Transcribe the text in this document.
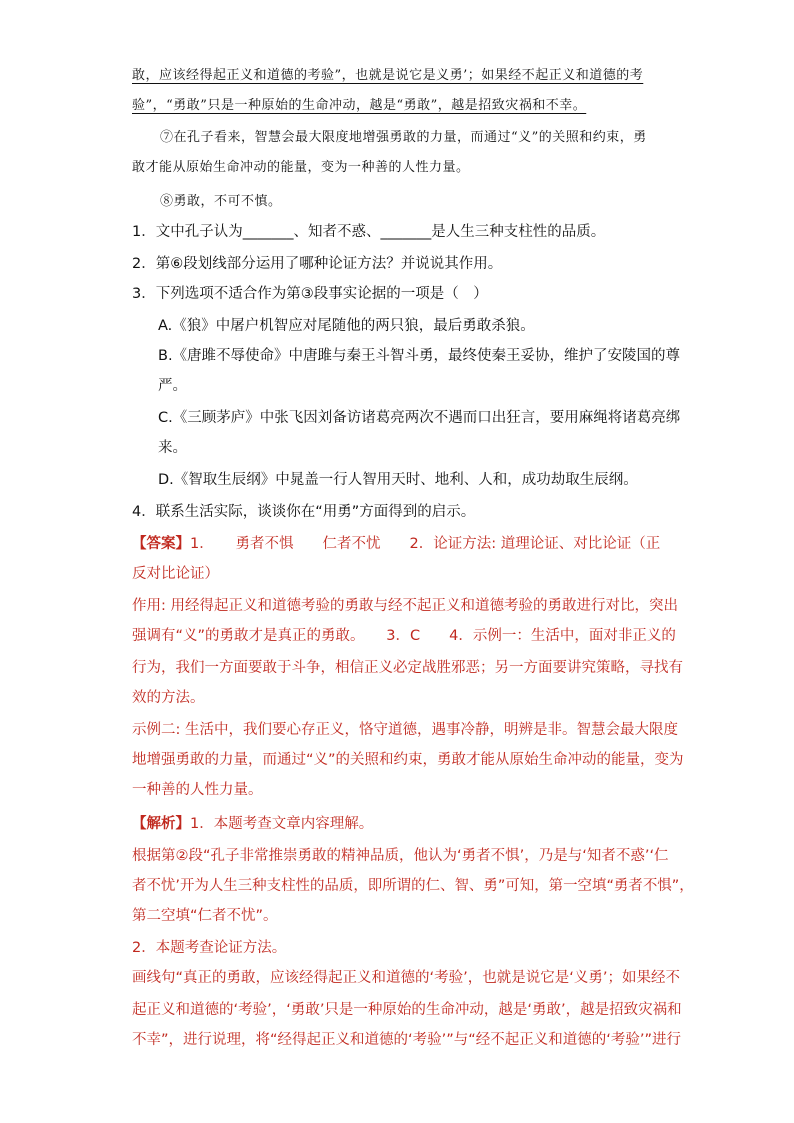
敢，应该经得起正义和道德的考验”，也就是说它是义勇’；如果经不起正义和道德的考
验”，“勇敢”只是一种原始的生命冲动，越是“勇敢”，越是招致灾祸和不幸。
⑦在孔子看来，智慧会最大限度地增强勇敢的力量，而通过“义”的关照和约束，勇
敢才能从原始生命冲动的能量，变为一种善的人性力量。
⑧勇敢，不可不慎。
1．文中孔子认为_______、知者不惑、_______是人生三种支柱性的品质。
2．第⑥段划线部分运用了哪种论证方法？并说说其作用。
3．下列选项不适合作为第③段事实论据的一项是（　）
A.《狼》中屠户机智应对尾随他的两只狼，最后勇敢杀狼。
B.《唐雎不辱使命》中唐雎与秦王斗智斗勇，最终使秦王妥协，维护了安陵国的尊
严。
C.《三顾茅庐》中张飞因刘备访诸葛亮两次不遇而口出狂言，要用麻绳将诸葛亮绑
来。
D.《智取生辰纲》中晁盖一行人智用天时、地利、人和，成功劫取生辰纲。
4．联系生活实际，谈谈你在“用勇”方面得到的启示。
【答案】1．　　勇者不惧　　仁者不忧　　2．论证方法: 道理论证、对比论证（正
反对比论证）
作用: 用经得起正义和道德考验的勇敢与经不起正义和道德考验的勇敢进行对比，突出
强调有“义”的勇敢才是真正的勇敢。　　3．C　　4．示例一：生活中，面对非正义的
行为，我们一方面要敢于斗争，相信正义必定战胜邪恶；另一方面要讲究策略，寻找有
效的方法。
示例二: 生活中，我们要心存正义，恪守道德，遇事冷静，明辨是非。智慧会最大限度
地增强勇敢的力量，而通过“义”的关照和约束，勇敢才能从原始生命冲动的能量，变为
一种善的人性力量。
【解析】1．本题考查文章内容理解。
根据第②段“孔子非常推崇勇敢的精神品质，他认为‘勇者不惧’，乃是与‘知者不惑’‘仁
者不忧’开为人生三种支柱性的品质，即所谓的仁、智、勇”可知，第一空填“勇者不惧”，
第二空填“仁者不忧”。
2．本题考查论证方法。
画线句“真正的勇敢，应该经得起正义和道德的‘考验’，也就是说它是‘义勇’；如果经不
起正义和道德的‘考验’，‘勇敢’只是一种原始的生命冲动，越是‘勇敢’，越是招致灾祸和
不幸”，进行说理，将“经得起正义和道德的‘考验’”与“经不起正义和道德的‘考验’”进行
